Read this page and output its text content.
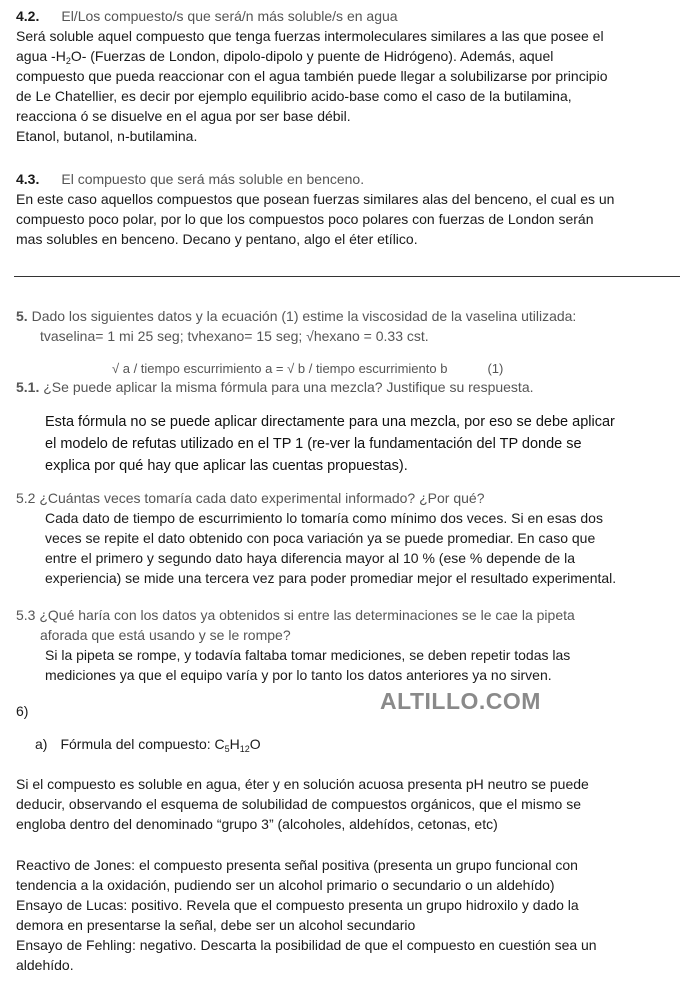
4.2. El/Los compuesto/s que será/n más soluble/s en agua

Será soluble aquel compuesto que tenga fuerzas intermoleculares similares a las que posee el

agua $-H_2O-$ (Fuerzas de London, dipolo-dipolo y puente de Hidrógeno). Además, aquel

compuesto que pueda reaccionar con el agua también puede llegar a solubilizarse por principio

de Le Chatellier, es decir por ejemplo equilibrio acido-base como el caso de la butilamina,

reacciona ó se disuelve en el agua por ser base débil.

Etanol, butanol, n-butilamina.

4.3. El compuesto que será más soluble en benceno.

En este caso aquellos compuestos que posean fuerzas similares alas del benceno, el cual es un

compuesto poco polar, por lo que los compuestos poco polares con fuerzas de London serán

mas solubles en benceno. Decano y pentano, algo el éter etílico.

5. Dado los siguientes datos y la ecuación (1) estime la viscosidad de la vaselina utilizada:

tvaselina= 1 mi 25 seg; tvhexano= 15 seg; √hexano = 0.33 cst.

√ a / tiempo escurrimiento a = √ b / tiempo escurrimiento b	(1)

5.1. ¿Se puede aplicar la misma fórmula para una mezcla? Justifique su respuesta.

Esta fórmula no se puede aplicar directamente para una mezcla, por eso se debe aplicar

el modelo de refutas utilizado en el TP 1 (re-ver la fundamentación del TP donde se

explica por qué hay que aplicar las cuentas propuestas).

5.2 ¿Cuántas veces tomaría cada dato experimental informado? ¿Por qué?

Cada dato de tiempo de escurrimiento lo tomaría como mínimo dos veces. Si en esas dos

veces se repite el dato obtenido con poca variación ya se puede promediar. En caso que

entre el primero y segundo dato haya diferencia mayor al 10 % (ese % depende de la

experiencia) se mide una tercera vez para poder promediar mejor el resultado experimental.

5.3 ¿Qué haría con los datos ya obtenidos si entre las determinaciones se le cae la pipeta

aforada que está usando y se le rompe?

Si la pipeta se rompe, y todavía faltaba tomar mediciones, se deben repetir todas las

mediciones ya que el equipo varía y por lo tanto los datos anteriores ya no sirven.

6)	ALTILLO.COM

a) Fórmula del compuesto: $C_5H_{12}O$

Si el compuesto es soluble en agua, éter y en solución acuosa presenta pH neutro se puede

deducir, observando el esquema de solubilidad de compuestos orgánicos, que el mismo se

engloba dentro del denominado “grupo 3” (alcoholes, aldehídos, cetonas, etc)

Reactivo de Jones: el compuesto presenta señal positiva (presenta un grupo funcional con

tendencia a la oxidación, pudiendo ser un alcohol primario o secundario o un aldehído)

Ensayo de Lucas: positivo. Revela que el compuesto presenta un grupo hidroxilo y dado la

demora en presentarse la señal, debe ser un alcohol secundario

Ensayo de Fehling: negativo. Descarta la posibilidad de que el compuesto en cuestión sea un

aldehído.
